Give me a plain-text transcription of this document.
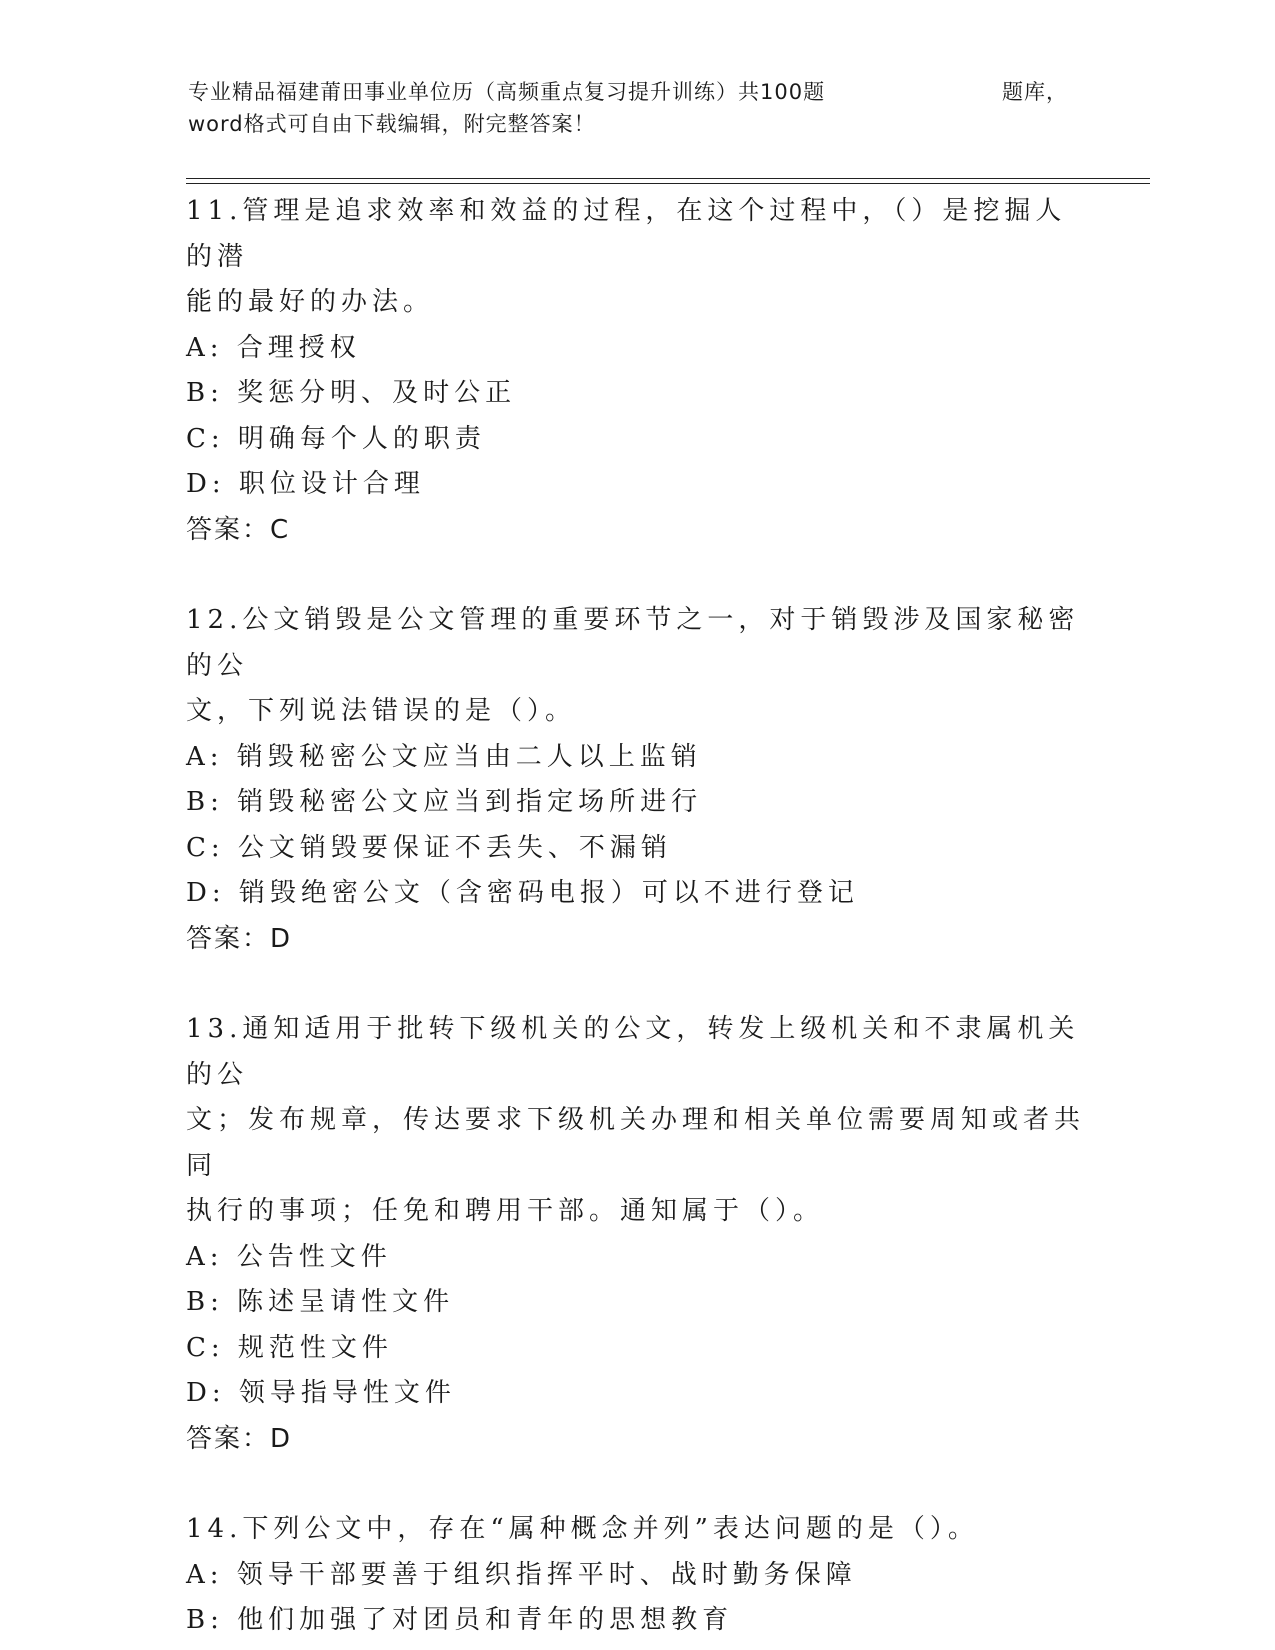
专业精品福建莆田事业单位历（高频重点复习提升训练）共100题	题库，
word格式可自由下载编辑，附完整答案！

11.管理是追求效率和效益的过程，在这个过程中，（）是挖掘人的潜

能的最好的办法。

A: 合理授权

B: 奖惩分明、及时公正

C: 明确每个人的职责

D: 职位设计合理

答案：C

12.公文销毁是公文管理的重要环节之一，对于销毁涉及国家秘密的公

文，下列说法错误的是（）。

A: 销毁秘密公文应当由二人以上监销

B: 销毁秘密公文应当到指定场所进行

C: 公文销毁要保证不丢失、不漏销

D: 销毁绝密公文（含密码电报）可以不进行登记

答案：D

13.通知适用于批转下级机关的公文，转发上级机关和不隶属机关的公

文；发布规章，传达要求下级机关办理和相关单位需要周知或者共同

执行的事项；任免和聘用干部。通知属于（）。

A: 公告性文件

B: 陈述呈请性文件

C: 规范性文件

D: 领导指导性文件

答案：D

14.下列公文中，存在“属种概念并列”表达问题的是（）。

A: 领导干部要善于组织指挥平时、战时勤务保障

B: 他们加强了对团员和青年的思想教育
